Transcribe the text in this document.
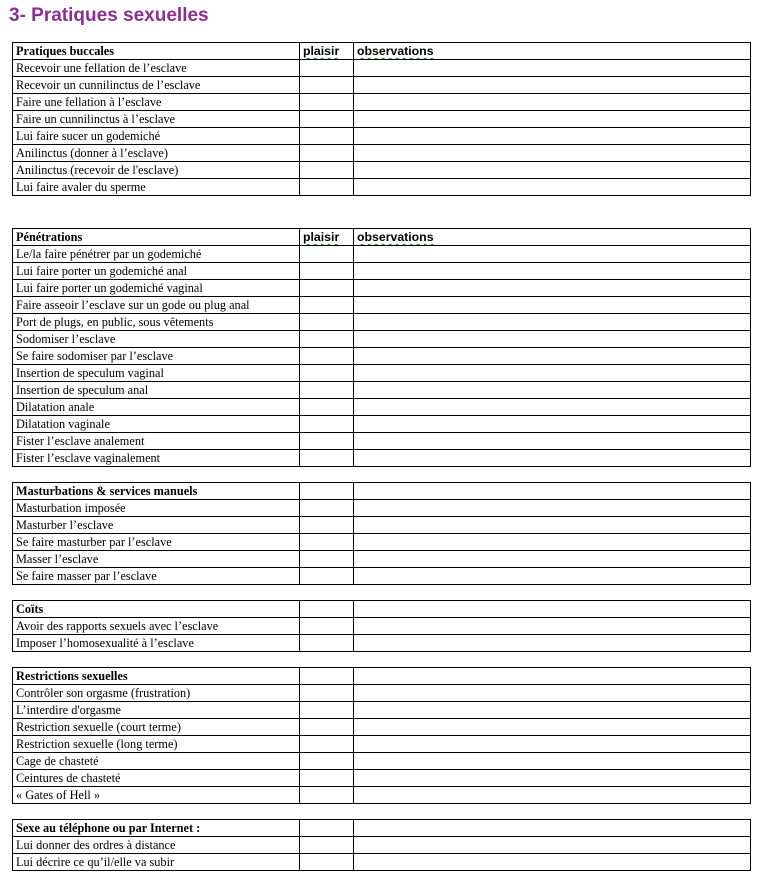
3- Pratiques sexuelles
Pratiques buccales	plaisir	observations
Recevoir une fellation de l’esclave		
Recevoir un cunnilinctus de l’esclave		
Faire une fellation à l’esclave		
Faire un cunnilinctus à l’esclave		
Lui faire sucer un godemiché		
Anilinctus (donner à l’esclave)		
Anilinctus (recevoir de l'esclave)		
Lui faire avaler du sperme		
Pénétrations	plaisir	observations
Le/la faire pénétrer par un godemiché		
Lui faire porter un godemiché anal		
Lui faire porter un godemiché vaginal		
Faire asseoir l’esclave sur un gode ou plug anal		
Port de plugs, en public, sous vêtements		
Sodomiser l’esclave		
Se faire sodomiser par l’esclave		
Insertion de speculum vaginal		
Insertion de speculum anal		
Dilatation anale		
Dilatation vaginale		
Fister l’esclave analement		
Fister l’esclave vaginalement		
Masturbations & services manuels		
Masturbation imposée		
Masturber l’esclave		
Se faire masturber par l’esclave		
Masser l’esclave		
Se faire masser par l’esclave		
Coïts		
Avoir des rapports sexuels avec l’esclave		
Imposer l’homosexualité à l’esclave		
Restrictions sexuelles		
Contrôler son orgasme (frustration)		
L’interdire d'orgasme		
Restriction sexuelle (court terme)		
Restriction sexuelle (long terme)		
Cage de chasteté		
Ceintures de chasteté		
« Gates of Hell »		
Sexe au téléphone ou par Internet :		
Lui donner des ordres à distance		
Lui décrire ce qu’il/elle va subir		
